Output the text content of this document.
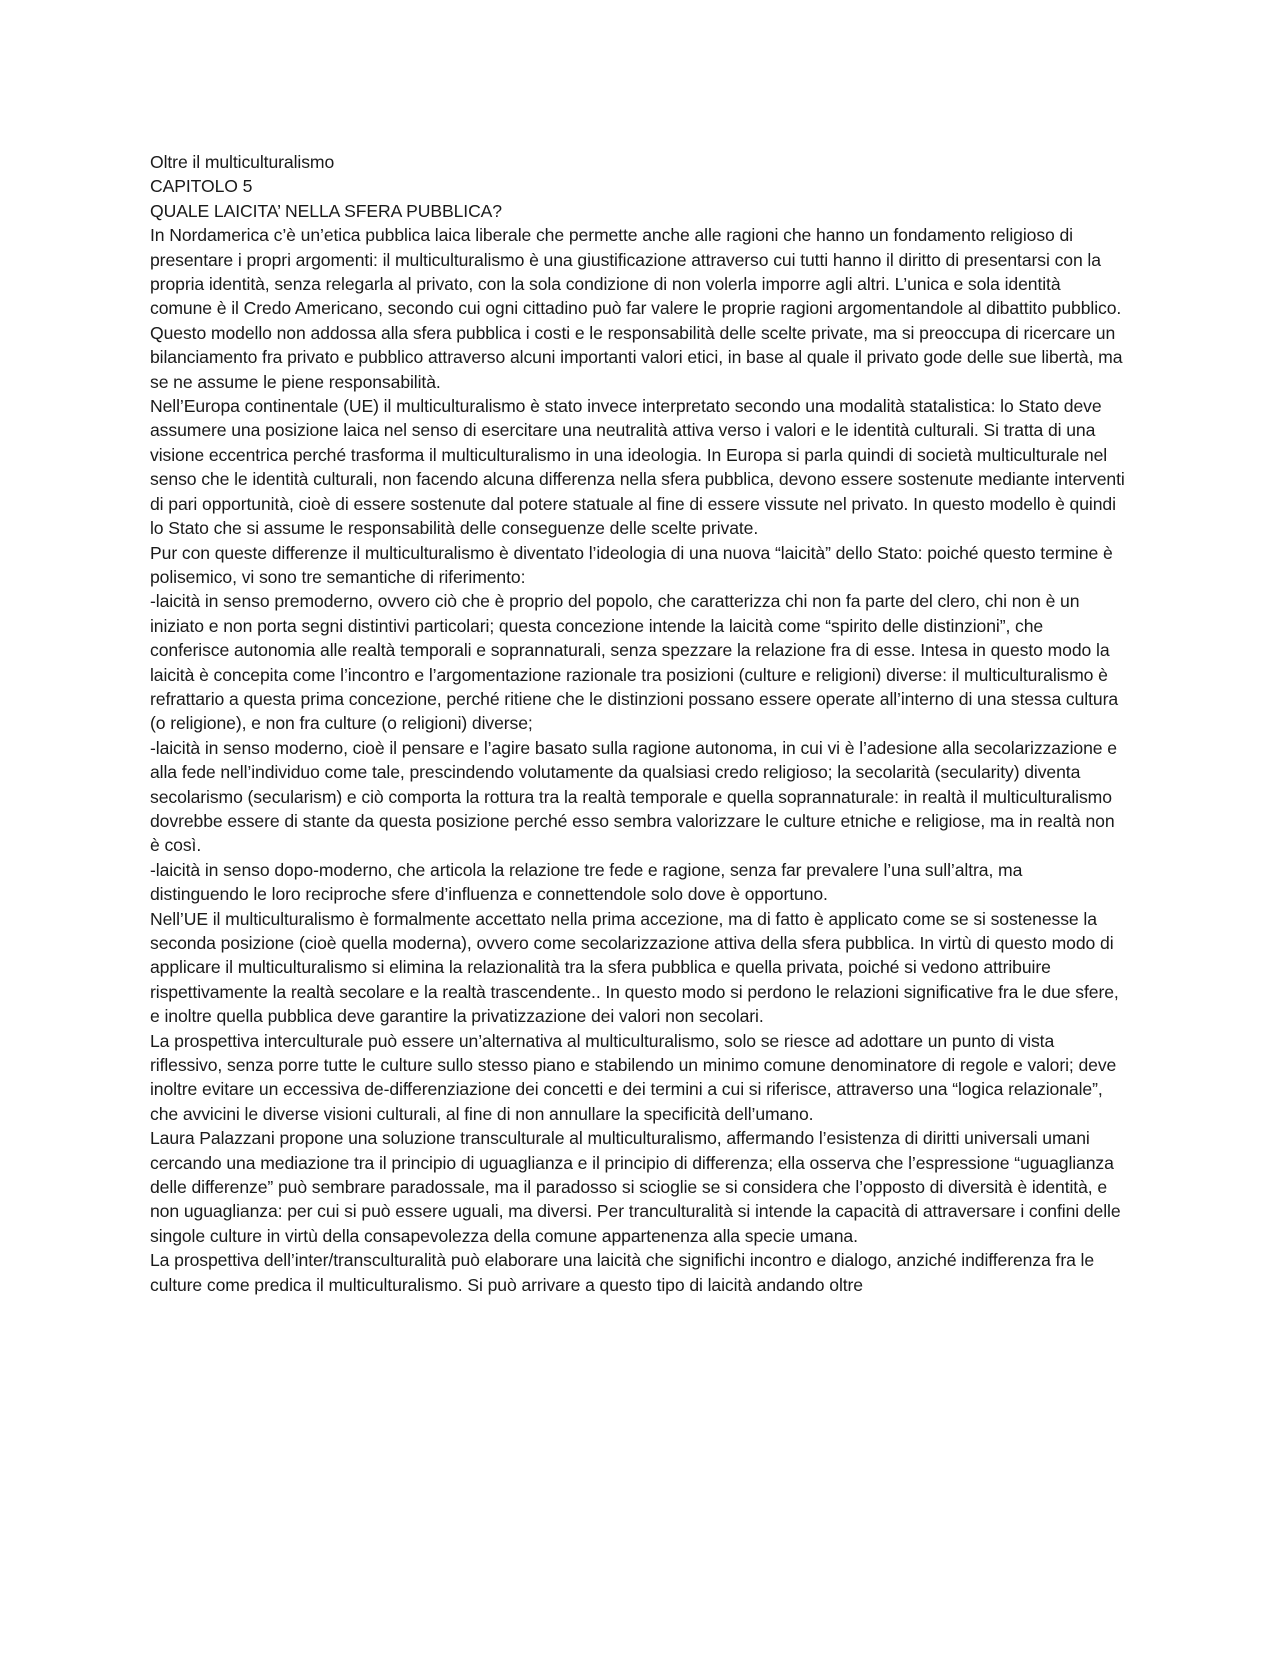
Oltre il multiculturalismo

CAPITOLO 5

QUALE LAICITA’ NELLA SFERA PUBBLICA?

In Nordamerica c’è un’etica pubblica laica liberale che permette anche alle ragioni che hanno un fondamento religioso di presentare i propri argomenti: il multiculturalismo è una giustificazione attraverso cui tutti hanno il diritto di presentarsi con la propria identità, senza relegarla al privato, con la sola condizione di non volerla imporre agli altri. L’unica e sola identità comune è il Credo Americano, secondo cui ogni cittadino può far valere le proprie ragioni argomentandole al dibattito pubblico. Questo modello non addossa alla sfera pubblica i costi e le responsabilità delle scelte private, ma si preoccupa di ricercare un bilanciamento fra privato e pubblico attraverso alcuni importanti valori etici, in base al quale il privato gode delle sue libertà, ma se ne assume le piene responsabilità.

Nell’Europa continentale (UE) il multiculturalismo è stato invece interpretato secondo una modalità statalistica: lo Stato deve assumere una posizione laica nel senso di esercitare una neutralità attiva verso i valori e le identità culturali. Si tratta di una visione eccentrica perché trasforma il multiculturalismo in una ideologia. In Europa si parla quindi di società multiculturale nel senso che le identità culturali, non facendo alcuna differenza nella sfera pubblica, devono essere sostenute mediante interventi di pari opportunità, cioè di essere sostenute dal potere statuale al fine di essere vissute nel privato. In questo modello è quindi lo Stato che si assume le responsabilità delle conseguenze delle scelte private.

Pur con queste differenze il multiculturalismo è diventato l’ideologia di una nuova “laicità” dello Stato: poiché questo termine è polisemico, vi sono tre semantiche di riferimento:

-laicità in senso premoderno, ovvero ciò che è proprio del popolo, che caratterizza chi non fa parte del clero, chi non è un iniziato e non porta segni distintivi particolari; questa concezione intende la laicità come “spirito delle distinzioni”, che conferisce autonomia alle realtà temporali e soprannaturali, senza spezzare la relazione fra di esse. Intesa in questo modo la laicità è concepita come l’incontro e l’argomentazione razionale tra posizioni (culture e religioni) diverse: il multiculturalismo è refrattario a questa prima concezione, perché ritiene che le distinzioni possano essere operate all’interno di una stessa cultura (o religione), e non fra culture (o religioni) diverse;

-laicità in senso moderno, cioè il pensare e l’agire basato sulla ragione autonoma, in cui vi è l’adesione alla secolarizzazione e alla fede nell’individuo come tale, prescindendo volutamente da qualsiasi credo religioso; la secolarità (secularity) diventa secolarismo (secularism) e ciò comporta la rottura tra la realtà temporale e quella soprannaturale: in realtà il multiculturalismo dovrebbe essere di stante da questa posizione perché esso sembra valorizzare le culture etniche e religiose, ma in realtà non è così.

-laicità in senso dopo-moderno, che articola la relazione tre fede e ragione, senza far prevalere l’una sull’altra, ma distinguendo le loro reciproche sfere d’influenza e connettendole solo dove è opportuno.

Nell’UE il multiculturalismo è formalmente accettato nella prima accezione, ma di fatto è applicato come se si sostenesse la seconda posizione (cioè quella moderna), ovvero come secolarizzazione attiva della sfera pubblica. In virtù di questo modo di applicare il multiculturalismo si elimina la relazionalità tra la sfera pubblica e quella privata, poiché si vedono attribuire rispettivamente la realtà secolare e la realtà trascendente.. In questo modo si perdono le relazioni significative fra le due sfere, e inoltre quella pubblica deve garantire la privatizzazione dei valori non secolari.

La prospettiva interculturale può essere un’alternativa al multiculturalismo, solo se riesce ad adottare un punto di vista riflessivo, senza porre tutte le culture sullo stesso piano e stabilendo un minimo comune denominatore di regole e valori; deve inoltre evitare un eccessiva de-differenziazione dei concetti e dei termini a cui si riferisce, attraverso una “logica relazionale”, che avvicini le diverse visioni culturali, al fine di non annullare la specificità dell’umano.

Laura Palazzani propone una soluzione transculturale al multiculturalismo, affermando l’esistenza di diritti universali umani cercando una mediazione tra il principio di uguaglianza e il principio di differenza; ella osserva che l’espressione “uguaglianza delle differenze” può sembrare paradossale, ma il paradosso si scioglie se si considera che l’opposto di diversità è identità, e non uguaglianza: per cui si può essere uguali, ma diversi. Per tranculturalità si intende la capacità di attraversare i confini delle singole culture in virtù della consapevolezza della comune appartenenza alla specie umana.

La prospettiva dell’inter/transculturalità può elaborare una laicità che significhi incontro e dialogo, anziché indifferenza fra le culture come predica il multiculturalismo. Si può arrivare a questo tipo di laicità andando oltre
